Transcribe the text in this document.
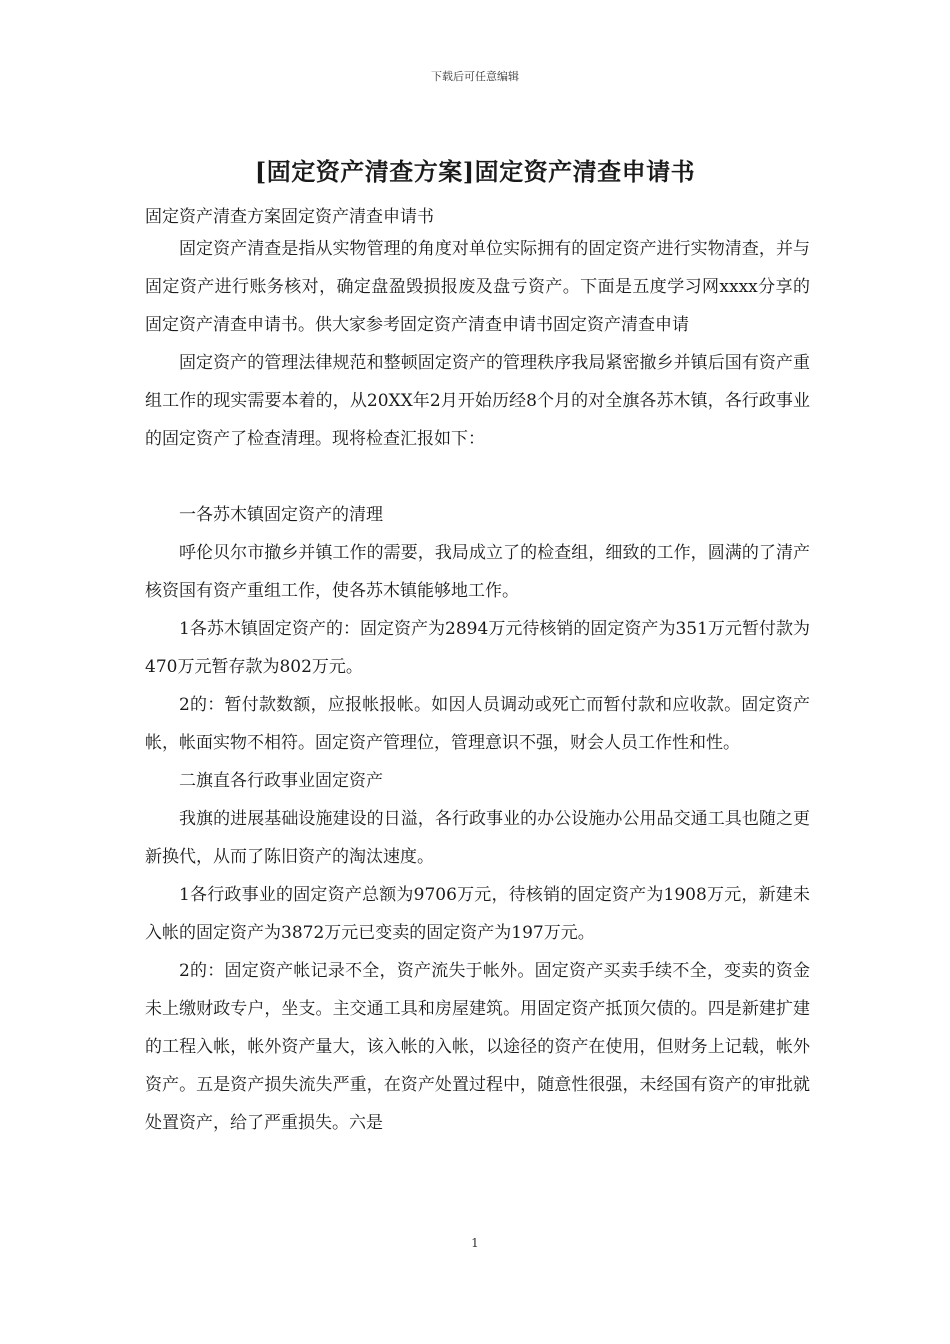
下载后可任意编辑
[固定资产清查方案]固定资产清查申请书
固定资产清查方案固定资产清查申请书

固定资产清查是指从实物管理的角度对单位实际拥有的固定资产进行实物清查，并与固定资产进行账务核对，确定盘盈毁损报废及盘亏资产。下面是五度学习网xxxx分享的固定资产清查申请书。供大家参考固定资产清查申请书固定资产清查申请

固定资产的管理法律规范和整顿固定资产的管理秩序我局紧密撤乡并镇后国有资产重组工作的现实需要本着的，从20XX年2月开始历经8个月的对全旗各苏木镇，各行政事业的固定资产了检查清理。现将检查汇报如下：

一各苏木镇固定资产的清理

呼伦贝尔市撤乡并镇工作的需要，我局成立了的检查组，细致的工作，圆满的了清产核资国有资产重组工作，使各苏木镇能够地工作。

1各苏木镇固定资产的：固定资产为2894万元待核销的固定资产为351万元暂付款为470万元暂存款为802万元。

2的：暂付款数额，应报帐报帐。如因人员调动或死亡而暂付款和应收款。固定资产帐，帐面实物不相符。固定资产管理位，管理意识不强，财会人员工作性和性。

二旗直各行政事业固定资产

我旗的进展基础设施建设的日溢，各行政事业的办公设施办公用品交通工具也随之更新换代，从而了陈旧资产的淘汰速度。

1各行政事业的固定资产总额为9706万元，待核销的固定资产为1908万元，新建未入帐的固定资产为3872万元已变卖的固定资产为197万元。

2的：固定资产帐记录不全，资产流失于帐外。固定资产买卖手续不全，变卖的资金未上缴财政专户，坐支。主交通工具和房屋建筑。用固定资产抵顶欠债的。四是新建扩建的工程入帐，帐外资产量大，该入帐的入帐，以途径的资产在使用，但财务上记载，帐外资产。五是资产损失流失严重，在资产处置过程中，随意性很强，未经国有资产的审批就处置资产，给了严重损失。六是

1
